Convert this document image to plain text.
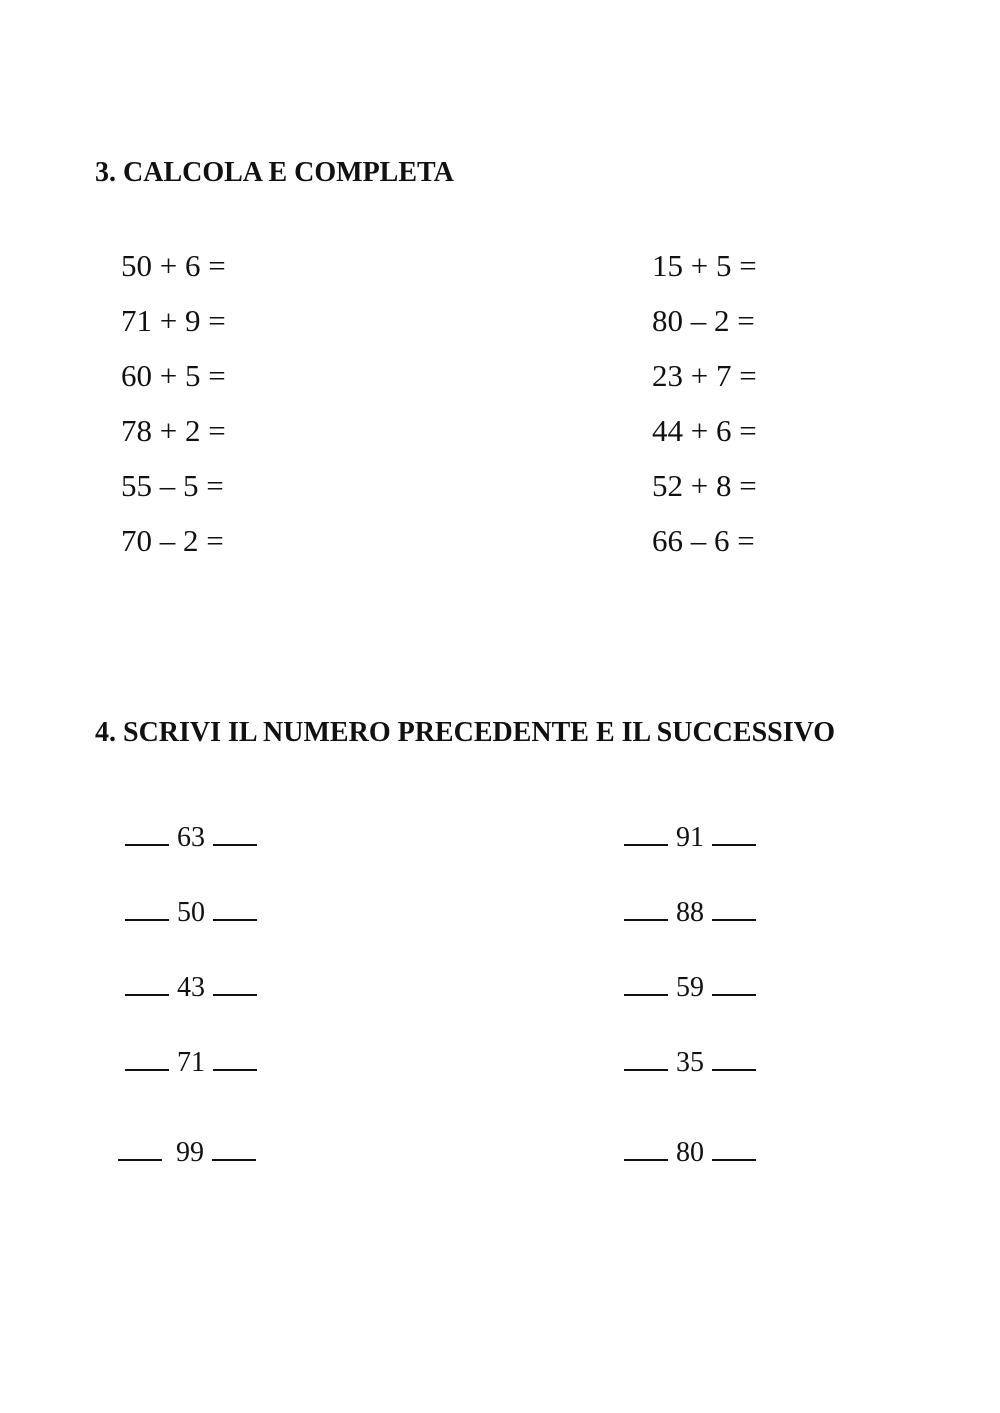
3. CALCOLA E COMPLETA
50 + 6 =
71 + 9 =
60 + 5 =
78 + 2 =
55 – 5 =
70 – 2 =
15 + 5 =
80 – 2 =
23 + 7 =
44 + 6 =
52 + 8 =
66 – 6 =
4. SCRIVI IL NUMERO PRECEDENTE E IL SUCCESSIVO
63
50
43
71
99
91
88
59
35
80
